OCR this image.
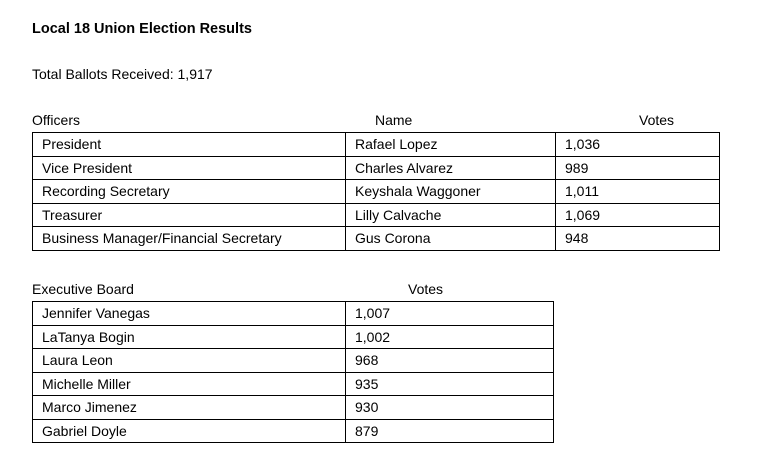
Local 18 Union Election Results
Total Ballots Received: 1,917
Officers	Name	Votes
President	Rafael Lopez	1,036
Vice President	Charles Alvarez	989
Recording Secretary	Keyshala Waggoner	1,011
Treasurer	Lilly Calvache	1,069
Business Manager/Financial Secretary	Gus Corona	948
Executive Board	Votes
Jennifer Vanegas	1,007
LaTanya Bogin	1,002
Laura Leon	968
Michelle Miller	935
Marco Jimenez	930
Gabriel Doyle	879
